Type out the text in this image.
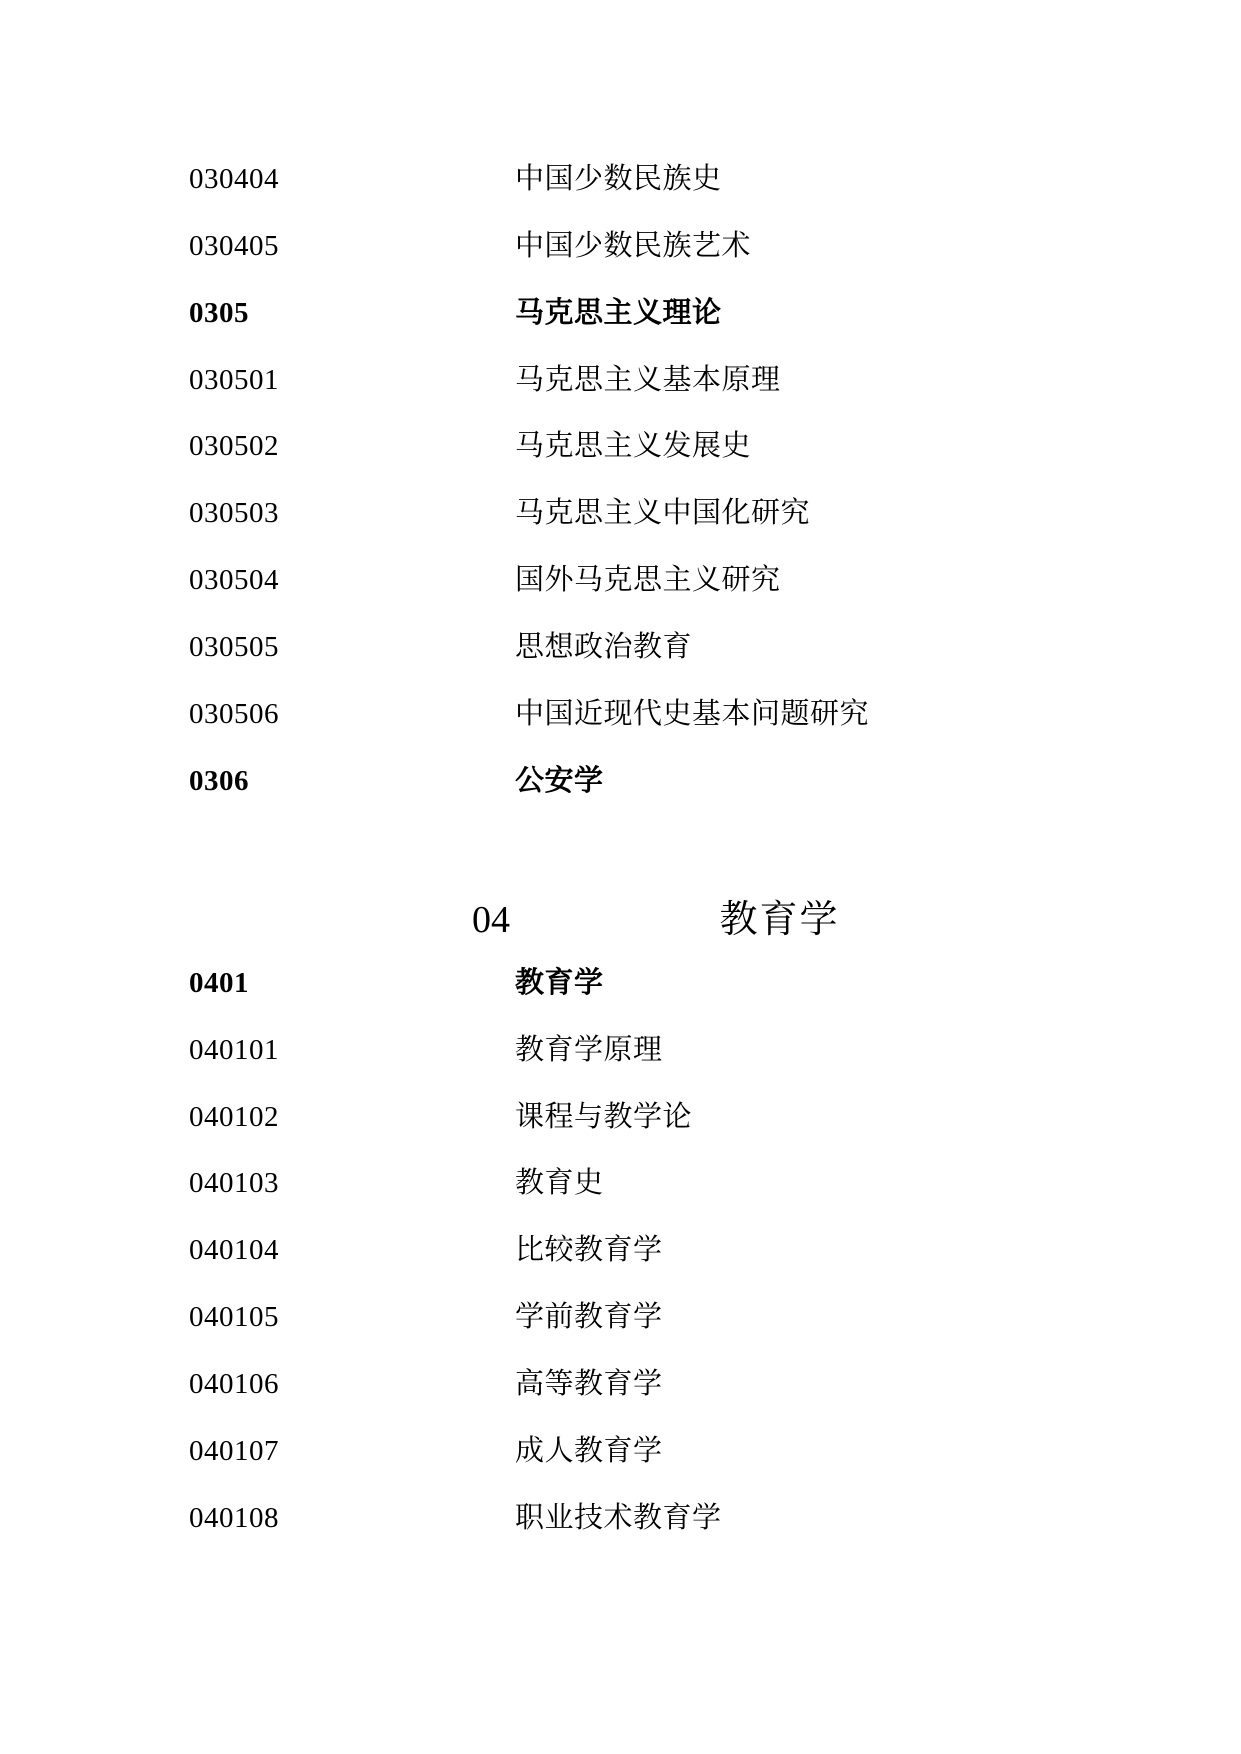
030404	中国少数民族史
030405	中国少数民族艺术
0305	马克思主义理论
030501	马克思主义基本原理
030502	马克思主义发展史
030503	马克思主义中国化研究
030504	国外马克思主义研究
030505	思想政治教育
030506	中国近现代史基本问题研究
0306	公安学
04	教育学
0401	教育学
040101	教育学原理
040102	课程与教学论
040103	教育史
040104	比较教育学
040105	学前教育学
040106	高等教育学
040107	成人教育学
040108	职业技术教育学
